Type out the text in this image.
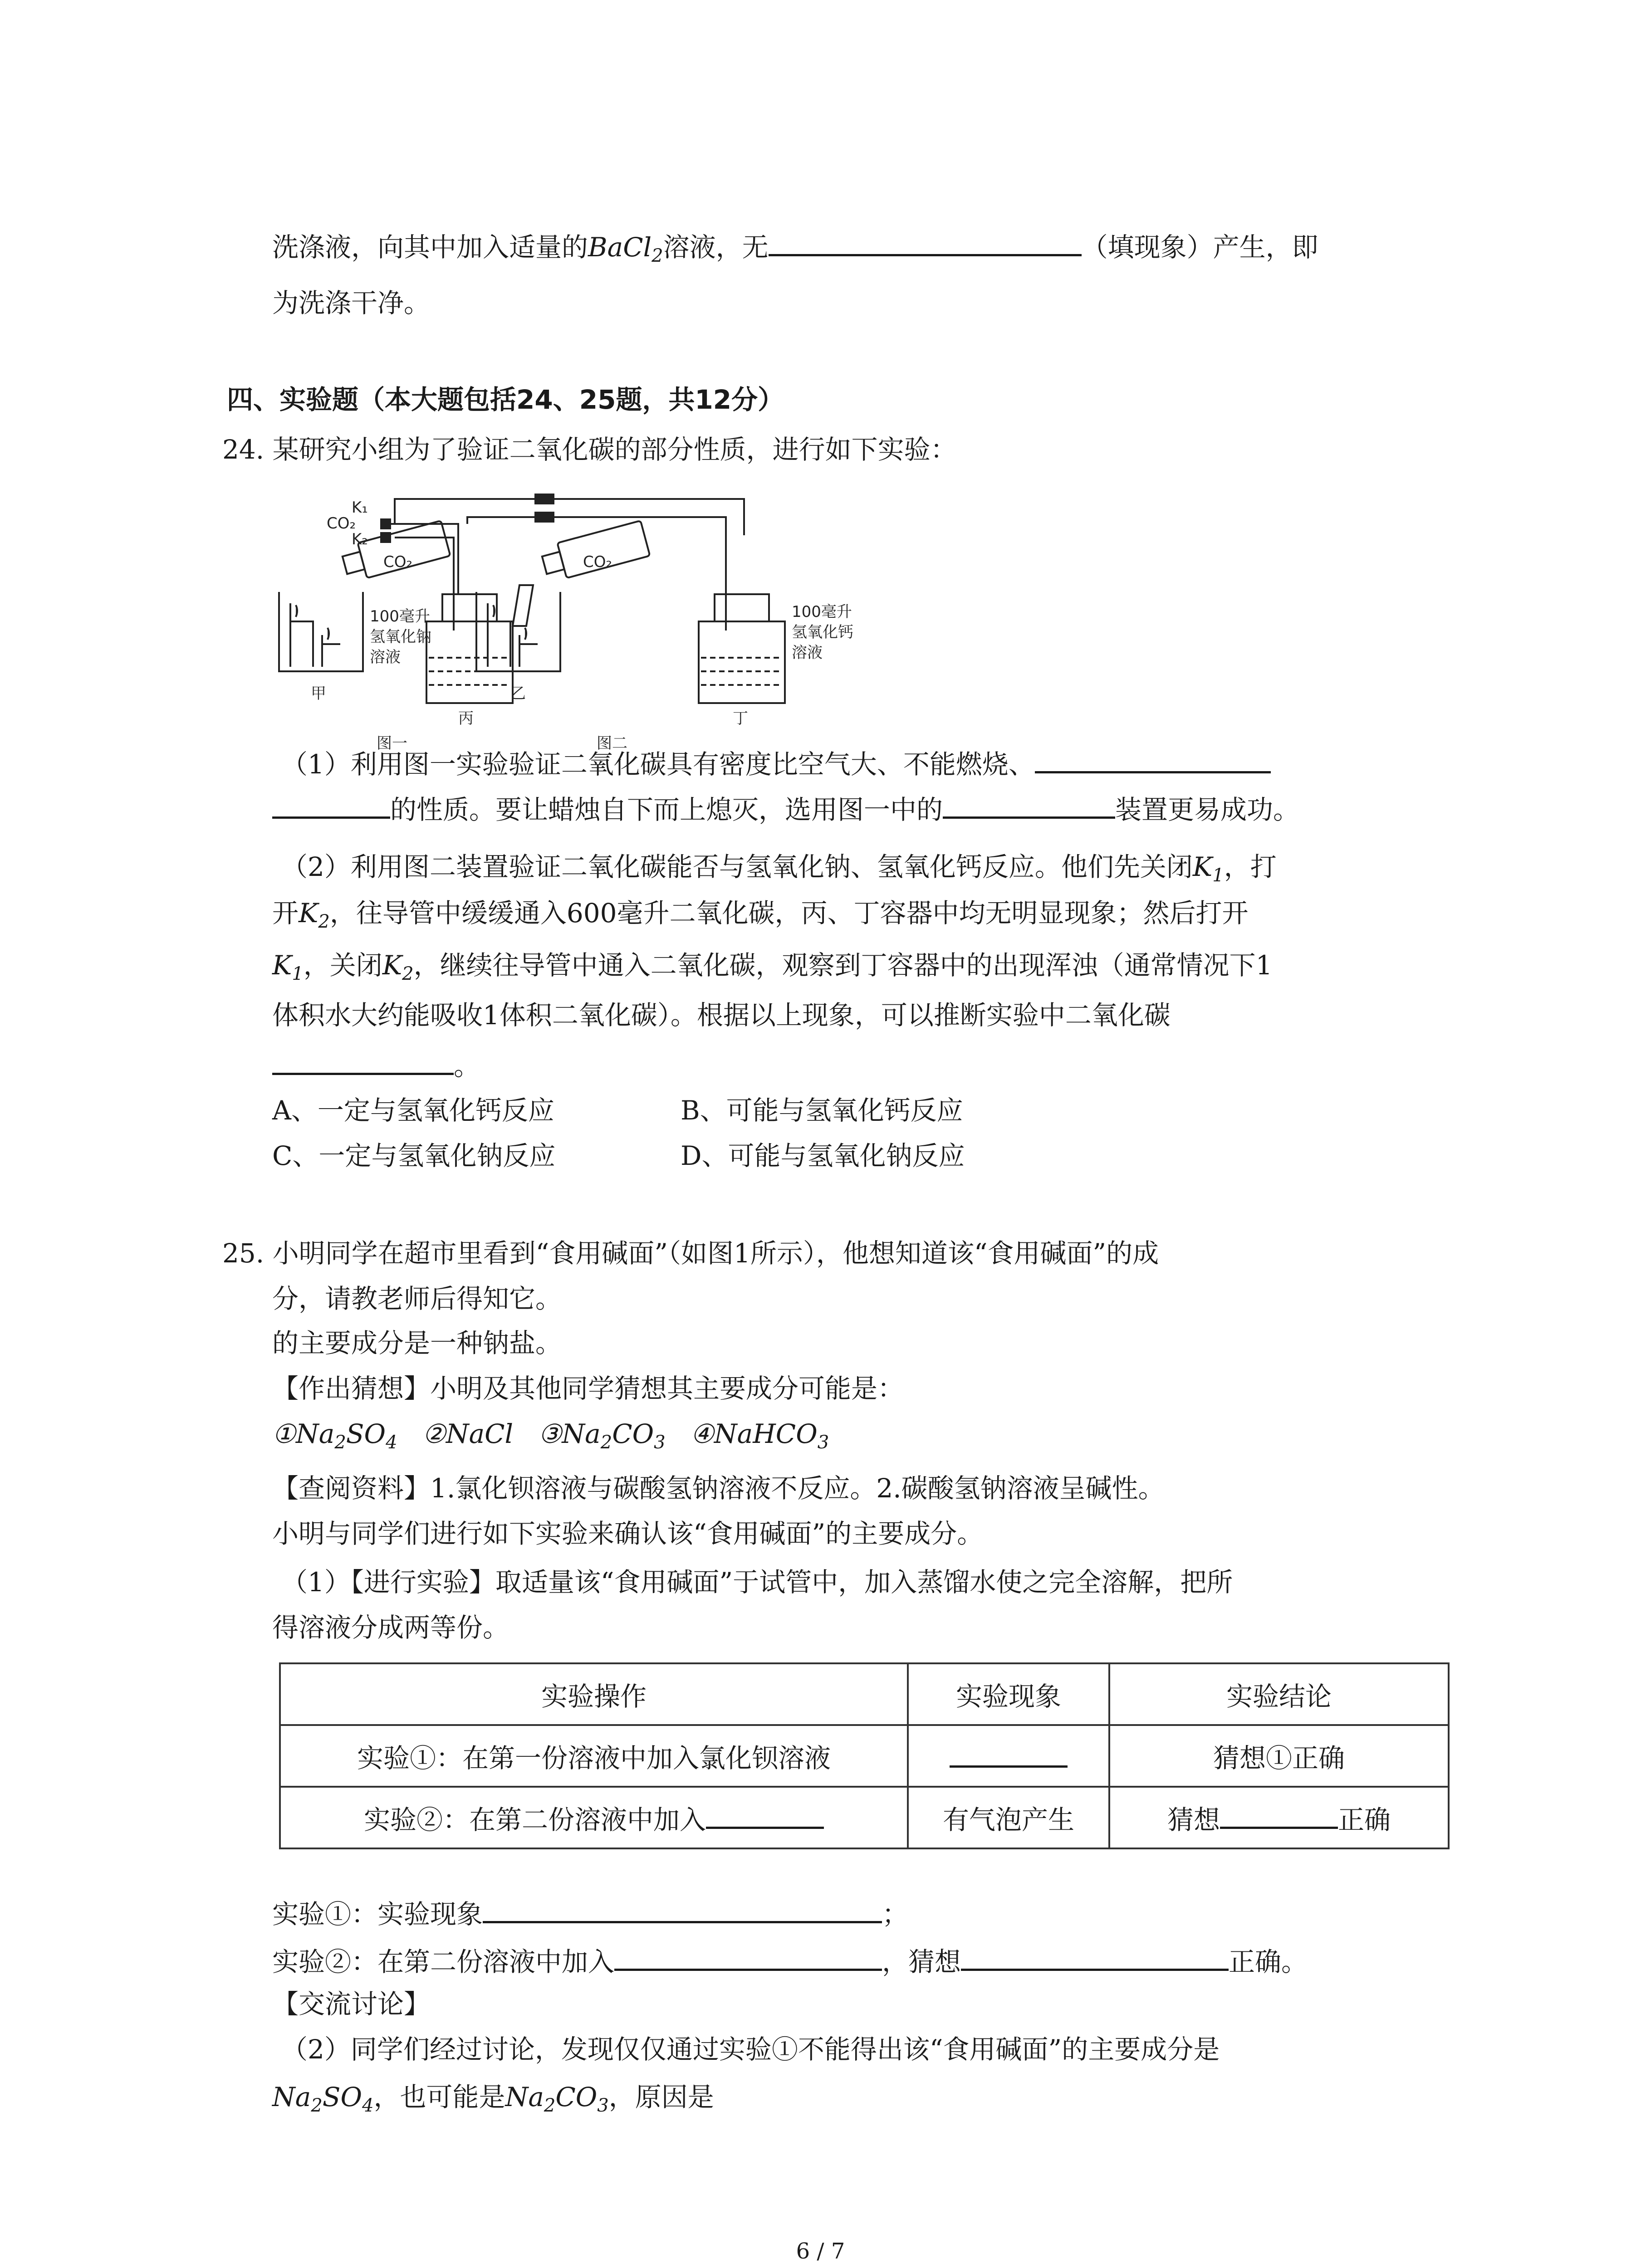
洗涤液，向其中加入适量的BaCl$_2$溶液，无	（填现象）产生，即
为洗涤干净。
四、实验题（本大题包括24、25题，共12分）
24. 某研究小组为了验证二氧化碳的部分性质，进行如下实验：
CO₂	CO₂
CO₂
K₁
K₂
100毫升
氢氧化钠
溶液
100毫升
氢氧化钙
溶液
甲	乙
丙	丁
图一	图二
（1）利用图一实验验证二氧化碳具有密度比空气大、不能燃烧、
的性质。要让蜡烛自下而上熄灭，选用图一中的	装置更易成功。
（2）利用图二装置验证二氧化碳能否与氢氧化钠、氢氧化钙反应。他们先关闭$K_1$，打
开$K_2$，往导管中缓缓通入600毫升二氧化碳，丙、丁容器中均无明显现象；然后打开
$K_1$，关闭$K_2$，继续往导管中通入二氧化碳，观察到丁容器中的出现浑浊（通常情况下1
体积水大约能吸收1体积二氧化碳）。根据以上现象，可以推断实验中二氧化碳
。
A、一定与氢氧化钙反应	B、可能与氢氧化钙反应
C、一定与氢氧化钠反应	D、可能与氢氧化钠反应
25. 小明同学在超市里看到“食用碱面”（如图1所示），他想知道该“食用碱面”的成
分，请教老师后得知它。
的主要成分是一种钠盐。
【作出猜想】小明及其他同学猜想其主要成分可能是：
$①Na_2SO_4$ ②NaCl $③Na_2CO_3$ ④NaHCO$_3$
【查阅资料】1.氯化钡溶液与碳酸氢钠溶液不反应。2.碳酸氢钠溶液呈碱性。
小明与同学们进行如下实验来确认该“食用碱面”的主要成分。
（1）【进行实验】取适量该“食用碱面”于试管中，加入蒸馏水使之完全溶解，把所
得溶液分成两等份。
实验操作	实验现象	实验结论
实验①：在第一份溶液中加入氯化钡溶液		猜想①正确
实验②：在第二份溶液中加入	有气泡产生	猜想 正确
实验①：实验现象	；
实验②：在第二份溶液中加入	，猜想	正确。
【交流讨论】
（2）同学们经过讨论，发现仅仅通过实验①不能得出该“食用碱面”的主要成分是
$Na_2SO_4$，也可能是$Na_2CO_3$，原因是
6 / 7
